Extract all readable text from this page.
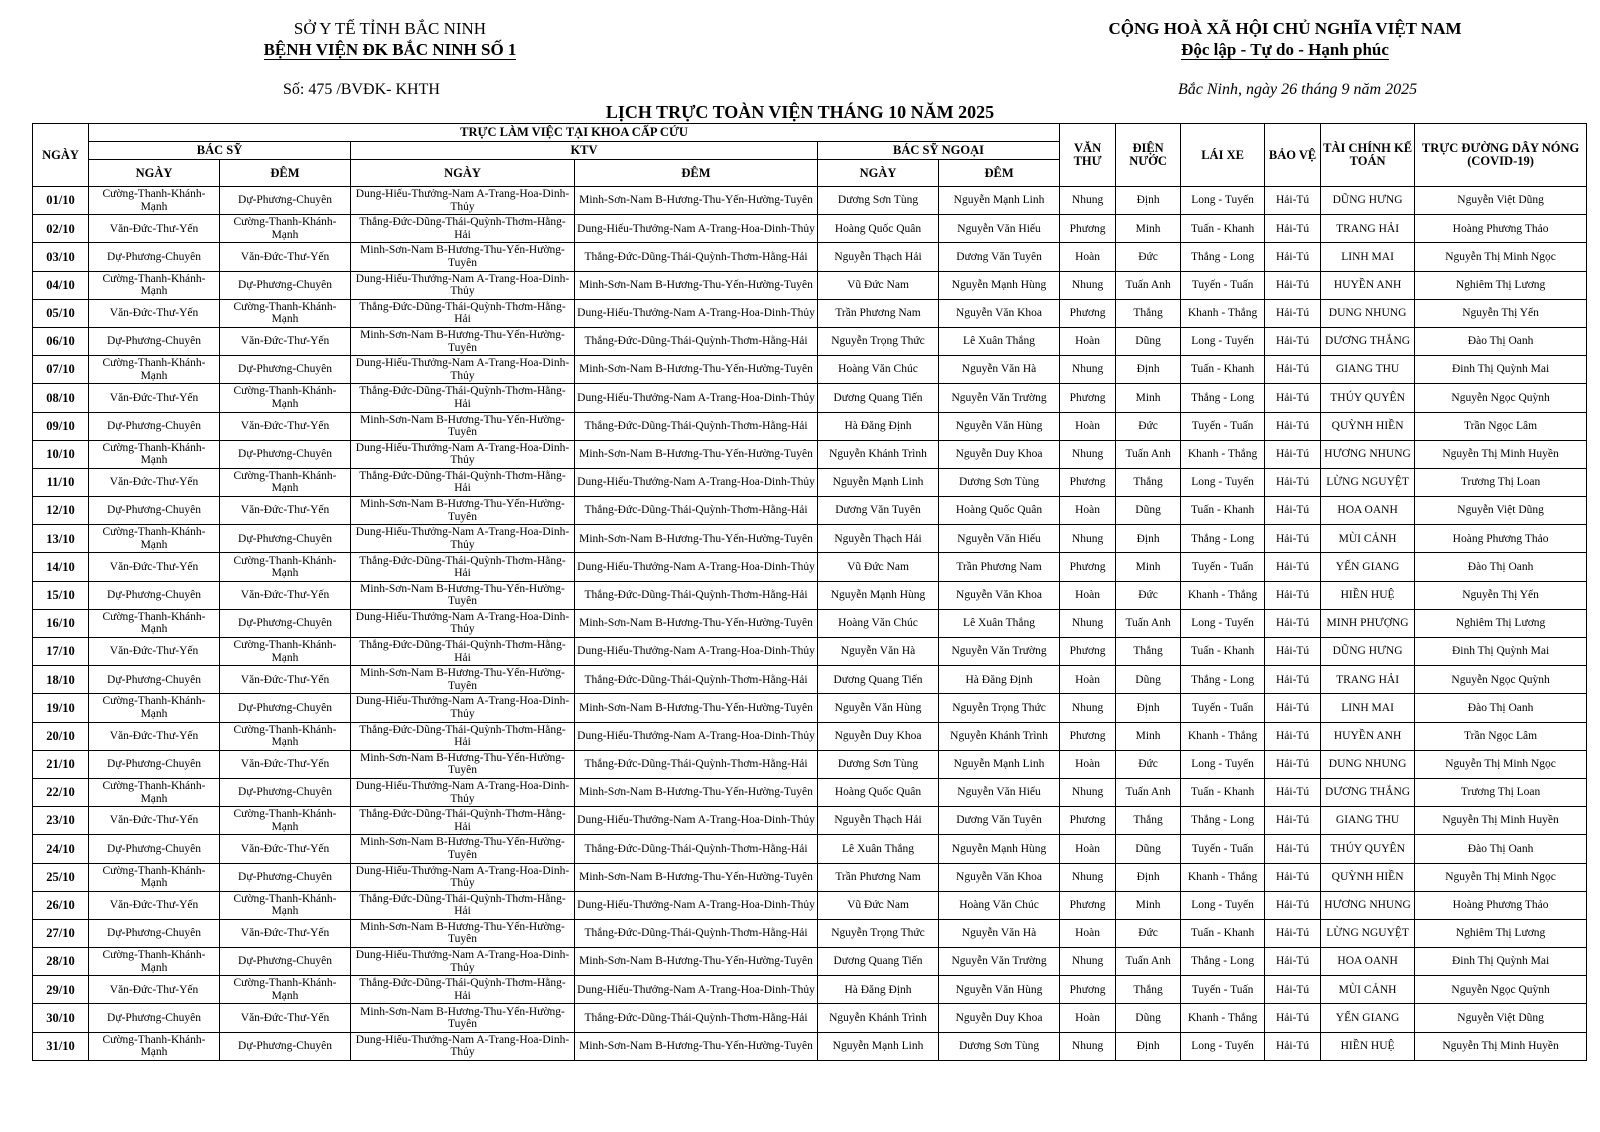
SỞ Y TẾ TỈNH BẮC NINH
BỆNH VIỆN ĐK BẮC NINH SỐ 1
CỘNG HOÀ XÃ HỘI CHỦ NGHĨA VIỆT NAM
Độc lập - Tự do - Hạnh phúc
Số: 475 /BVĐK- KHTH	Bắc Ninh, ngày 26 tháng 9 năm 2025
LỊCH TRỰC TOÀN VIỆN THÁNG 10 NĂM 2025
NGÀY	TRỰC LÀM VIỆC TẠI KHOA CẤP CỨU						VĂN THƯ	ĐIỆN NƯỚC	LÁI XE	BẢO VỆ	TÀI CHÍNH KẾ TOÁN	TRỰC ĐƯỜNG DÂY NÓNG (COVID-19)
	BÁC SỸ		KTV		BÁC SỸ NGOẠI							
	NGÀY	ĐÊM	NGÀY	ĐÊM	NGÀY	ĐÊM						
01/10	Cường-Thanh-Khánh-Mạnh	Dự-Phương-Chuyên	Dung-Hiếu-Thưởng-Nam A-Trang-Hoa-Dinh-Thủy	Minh-Sơn-Nam B-Hương-Thu-Yến-Hường-Tuyên	Dương Sơn Tùng	Nguyễn Mạnh Linh	Nhung	Định	Long - Tuyến	Hải-Tú	DŨNG HƯNG	Nguyễn Việt Dũng
02/10	Văn-Đức-Thư-Yến	Cường-Thanh-Khánh-Mạnh	Thắng-Đức-Dũng-Thái-Quỳnh-Thơm-Hằng-Hải	Dung-Hiếu-Thưởng-Nam A-Trang-Hoa-Dinh-Thủy	Hoàng Quốc Quân	Nguyễn Văn Hiếu	Phương	Minh	Tuấn - Khanh	Hải-Tú	TRANG HẢI	Hoàng Phương Thảo
03/10	Dự-Phương-Chuyên	Văn-Đức-Thư-Yến	Minh-Sơn-Nam B-Hương-Thu-Yến-Hường-Tuyên	Thắng-Đức-Dũng-Thái-Quỳnh-Thơm-Hằng-Hải	Nguyễn Thạch Hải	Dương Văn Tuyên	Hoàn	Đức	Thắng - Long	Hải-Tú	LINH MAI	Nguyễn Thị Minh Ngọc
04/10	Cường-Thanh-Khánh-Mạnh	Dự-Phương-Chuyên	Dung-Hiếu-Thưởng-Nam A-Trang-Hoa-Dinh-Thủy	Minh-Sơn-Nam B-Hương-Thu-Yến-Hường-Tuyên	Vũ Đức Nam	Nguyễn Mạnh Hùng	Nhung	Tuấn Anh	Tuyến - Tuấn	Hải-Tú	HUYỀN ANH	Nghiêm Thị Lương
05/10	Văn-Đức-Thư-Yến	Cường-Thanh-Khánh-Mạnh	Thắng-Đức-Dũng-Thái-Quỳnh-Thơm-Hằng-Hải	Dung-Hiếu-Thưởng-Nam A-Trang-Hoa-Dinh-Thủy	Trần Phương Nam	Nguyễn Văn Khoa	Phương	Thắng	Khanh - Thắng	Hải-Tú	DUNG NHUNG	Nguyễn Thị Yến
06/10	Dự-Phương-Chuyên	Văn-Đức-Thư-Yến	Minh-Sơn-Nam B-Hương-Thu-Yến-Hường-Tuyên	Thắng-Đức-Dũng-Thái-Quỳnh-Thơm-Hằng-Hải	Nguyễn Trọng Thức	Lê Xuân Thắng	Hoàn	Dũng	Long - Tuyến	Hải-Tú	DƯƠNG THẮNG	Đào Thị Oanh
07/10	Cường-Thanh-Khánh-Mạnh	Dự-Phương-Chuyên	Dung-Hiếu-Thưởng-Nam A-Trang-Hoa-Dinh-Thủy	Minh-Sơn-Nam B-Hương-Thu-Yến-Hường-Tuyên	Hoàng Văn Chúc	Nguyễn Văn Hà	Nhung	Định	Tuấn - Khanh	Hải-Tú	GIANG THU	Đinh Thị Quỳnh Mai
08/10	Văn-Đức-Thư-Yến	Cường-Thanh-Khánh-Mạnh	Thắng-Đức-Dũng-Thái-Quỳnh-Thơm-Hằng-Hải	Dung-Hiếu-Thưởng-Nam A-Trang-Hoa-Dinh-Thủy	Dương Quang Tiến	Nguyễn Văn Trường	Phương	Minh	Thắng - Long	Hải-Tú	THÚY QUYÊN	Nguyễn Ngọc Quỳnh
09/10	Dự-Phương-Chuyên	Văn-Đức-Thư-Yến	Minh-Sơn-Nam B-Hương-Thu-Yến-Hường-Tuyên	Thắng-Đức-Dũng-Thái-Quỳnh-Thơm-Hằng-Hải	Hà Đăng Định	Nguyễn Văn Hùng	Hoàn	Đức	Tuyến - Tuấn	Hải-Tú	QUỲNH HIỀN	Trần Ngọc Lâm
10/10	Cường-Thanh-Khánh-Mạnh	Dự-Phương-Chuyên	Dung-Hiếu-Thưởng-Nam A-Trang-Hoa-Dinh-Thủy	Minh-Sơn-Nam B-Hương-Thu-Yến-Hường-Tuyên	Nguyễn Khánh Trình	Nguyễn Duy Khoa	Nhung	Tuấn Anh	Khanh - Thắng	Hải-Tú	HƯƠNG NHUNG	Nguyễn Thị Minh Huyền
11/10	Văn-Đức-Thư-Yến	Cường-Thanh-Khánh-Mạnh	Thắng-Đức-Dũng-Thái-Quỳnh-Thơm-Hằng-Hải	Dung-Hiếu-Thưởng-Nam A-Trang-Hoa-Dinh-Thủy	Nguyễn Mạnh Linh	Dương Sơn Tùng	Phương	Thắng	Long - Tuyến	Hải-Tú	LỪNG NGUYỆT	Trương Thị Loan
12/10	Dự-Phương-Chuyên	Văn-Đức-Thư-Yến	Minh-Sơn-Nam B-Hương-Thu-Yến-Hường-Tuyên	Thắng-Đức-Dũng-Thái-Quỳnh-Thơm-Hằng-Hải	Dương Văn Tuyên	Hoàng Quốc Quân	Hoàn	Dũng	Tuấn - Khanh	Hải-Tú	HOA OANH	Nguyễn Việt Dũng
13/10	Cường-Thanh-Khánh-Mạnh	Dự-Phương-Chuyên	Dung-Hiếu-Thưởng-Nam A-Trang-Hoa-Dinh-Thủy	Minh-Sơn-Nam B-Hương-Thu-Yến-Hường-Tuyên	Nguyễn Thạch Hải	Nguyễn Văn Hiếu	Nhung	Định	Thắng - Long	Hải-Tú	MÙI CẢNH	Hoàng Phương Thảo
14/10	Văn-Đức-Thư-Yến	Cường-Thanh-Khánh-Mạnh	Thắng-Đức-Dũng-Thái-Quỳnh-Thơm-Hằng-Hải	Dung-Hiếu-Thưởng-Nam A-Trang-Hoa-Dinh-Thủy	Vũ Đức Nam	Trần Phương Nam	Phương	Minh	Tuyến - Tuấn	Hải-Tú	YẾN GIANG	Đào Thị Oanh
15/10	Dự-Phương-Chuyên	Văn-Đức-Thư-Yến	Minh-Sơn-Nam B-Hương-Thu-Yến-Hường-Tuyên	Thắng-Đức-Dũng-Thái-Quỳnh-Thơm-Hằng-Hải	Nguyễn Mạnh Hùng	Nguyễn Văn Khoa	Hoàn	Đức	Khanh - Thắng	Hải-Tú	HIỀN HUỆ	Nguyễn Thị Yến
16/10	Cường-Thanh-Khánh-Mạnh	Dự-Phương-Chuyên	Dung-Hiếu-Thưởng-Nam A-Trang-Hoa-Dinh-Thủy	Minh-Sơn-Nam B-Hương-Thu-Yến-Hường-Tuyên	Hoàng Văn Chúc	Lê Xuân Thắng	Nhung	Tuấn Anh	Long - Tuyến	Hải-Tú	MINH PHƯỢNG	Nghiêm Thị Lương
17/10	Văn-Đức-Thư-Yến	Cường-Thanh-Khánh-Mạnh	Thắng-Đức-Dũng-Thái-Quỳnh-Thơm-Hằng-Hải	Dung-Hiếu-Thưởng-Nam A-Trang-Hoa-Dinh-Thủy	Nguyễn Văn Hà	Nguyễn Văn Trường	Phương	Thắng	Tuấn - Khanh	Hải-Tú	DŨNG HƯNG	Đinh Thị Quỳnh Mai
18/10	Dự-Phương-Chuyên	Văn-Đức-Thư-Yến	Minh-Sơn-Nam B-Hương-Thu-Yến-Hường-Tuyên	Thắng-Đức-Dũng-Thái-Quỳnh-Thơm-Hằng-Hải	Dương Quang Tiến	Hà Đăng Định	Hoàn	Dũng	Thắng - Long	Hải-Tú	TRANG HẢI	Nguyễn Ngọc Quỳnh
19/10	Cường-Thanh-Khánh-Mạnh	Dự-Phương-Chuyên	Dung-Hiếu-Thưởng-Nam A-Trang-Hoa-Dinh-Thủy	Minh-Sơn-Nam B-Hương-Thu-Yến-Hường-Tuyên	Nguyễn Văn Hùng	Nguyễn Trọng Thức	Nhung	Định	Tuyến - Tuấn	Hải-Tú	LINH MAI	Đào Thị Oanh
20/10	Văn-Đức-Thư-Yến	Cường-Thanh-Khánh-Mạnh	Thắng-Đức-Dũng-Thái-Quỳnh-Thơm-Hằng-Hải	Dung-Hiếu-Thưởng-Nam A-Trang-Hoa-Dinh-Thủy	Nguyễn Duy Khoa	Nguyễn Khánh Trình	Phương	Minh	Khanh - Thắng	Hải-Tú	HUYỀN ANH	Trần Ngọc Lâm
21/10	Dự-Phương-Chuyên	Văn-Đức-Thư-Yến	Minh-Sơn-Nam B-Hương-Thu-Yến-Hường-Tuyên	Thắng-Đức-Dũng-Thái-Quỳnh-Thơm-Hằng-Hải	Dương Sơn Tùng	Nguyễn Mạnh Linh	Hoàn	Đức	Long - Tuyến	Hải-Tú	DUNG NHUNG	Nguyễn Thị Minh Ngọc
22/10	Cường-Thanh-Khánh-Mạnh	Dự-Phương-Chuyên	Dung-Hiếu-Thưởng-Nam A-Trang-Hoa-Dinh-Thủy	Minh-Sơn-Nam B-Hương-Thu-Yến-Hường-Tuyên	Hoàng Quốc Quân	Nguyễn Văn Hiếu	Nhung	Tuấn Anh	Tuấn - Khanh	Hải-Tú	DƯƠNG THẮNG	Trương Thị Loan
23/10	Văn-Đức-Thư-Yến	Cường-Thanh-Khánh-Mạnh	Thắng-Đức-Dũng-Thái-Quỳnh-Thơm-Hằng-Hải	Dung-Hiếu-Thưởng-Nam A-Trang-Hoa-Dinh-Thủy	Nguyễn Thạch Hải	Dương Văn Tuyên	Phương	Thắng	Thắng - Long	Hải-Tú	GIANG THU	Nguyễn Thị Minh Huyền
24/10	Dự-Phương-Chuyên	Văn-Đức-Thư-Yến	Minh-Sơn-Nam B-Hương-Thu-Yến-Hường-Tuyên	Thắng-Đức-Dũng-Thái-Quỳnh-Thơm-Hằng-Hải	Lê Xuân Thắng	Nguyễn Mạnh Hùng	Hoàn	Dũng	Tuyến - Tuấn	Hải-Tú	THÚY QUYÊN	Đào Thị Oanh
25/10	Cường-Thanh-Khánh-Mạnh	Dự-Phương-Chuyên	Dung-Hiếu-Thưởng-Nam A-Trang-Hoa-Dinh-Thủy	Minh-Sơn-Nam B-Hương-Thu-Yến-Hường-Tuyên	Trần Phương Nam	Nguyễn Văn Khoa	Nhung	Định	Khanh - Thắng	Hải-Tú	QUỲNH HIỀN	Nguyễn Thị Minh Ngọc
26/10	Văn-Đức-Thư-Yến	Cường-Thanh-Khánh-Mạnh	Thắng-Đức-Dũng-Thái-Quỳnh-Thơm-Hằng-Hải	Dung-Hiếu-Thưởng-Nam A-Trang-Hoa-Dinh-Thủy	Vũ Đức Nam	Hoàng Văn Chúc	Phương	Minh	Long - Tuyến	Hải-Tú	HƯƠNG NHUNG	Hoàng Phương Thảo
27/10	Dự-Phương-Chuyên	Văn-Đức-Thư-Yến	Minh-Sơn-Nam B-Hương-Thu-Yến-Hường-Tuyên	Thắng-Đức-Dũng-Thái-Quỳnh-Thơm-Hằng-Hải	Nguyễn Trọng Thức	Nguyễn Văn Hà	Hoàn	Đức	Tuấn - Khanh	Hải-Tú	LỪNG NGUYỆT	Nghiêm Thị Lương
28/10	Cường-Thanh-Khánh-Mạnh	Dự-Phương-Chuyên	Dung-Hiếu-Thưởng-Nam A-Trang-Hoa-Dinh-Thủy	Minh-Sơn-Nam B-Hương-Thu-Yến-Hường-Tuyên	Dương Quang Tiến	Nguyễn Văn Trường	Nhung	Tuấn Anh	Thắng - Long	Hải-Tú	HOA OANH	Đinh Thị Quỳnh Mai
29/10	Văn-Đức-Thư-Yến	Cường-Thanh-Khánh-Mạnh	Thắng-Đức-Dũng-Thái-Quỳnh-Thơm-Hằng-Hải	Dung-Hiếu-Thưởng-Nam A-Trang-Hoa-Dinh-Thủy	Hà Đăng Định	Nguyễn Văn Hùng	Phương	Thắng	Tuyến - Tuấn	Hải-Tú	MÙI CẢNH	Nguyễn Ngọc Quỳnh
30/10	Dự-Phương-Chuyên	Văn-Đức-Thư-Yến	Minh-Sơn-Nam B-Hương-Thu-Yến-Hường-Tuyên	Thắng-Đức-Dũng-Thái-Quỳnh-Thơm-Hằng-Hải	Nguyễn Khánh Trình	Nguyễn Duy Khoa	Hoàn	Dũng	Khanh - Thắng	Hải-Tú	YẾN GIANG	Nguyễn Việt Dũng
31/10	Cường-Thanh-Khánh-Mạnh	Dự-Phương-Chuyên	Dung-Hiếu-Thưởng-Nam A-Trang-Hoa-Dinh-Thủy	Minh-Sơn-Nam B-Hương-Thu-Yến-Hường-Tuyên	Nguyễn Mạnh Linh	Dương Sơn Tùng	Nhung	Định	Long - Tuyến	Hải-Tú	HIỀN HUỆ	Nguyễn Thị Minh Huyền
